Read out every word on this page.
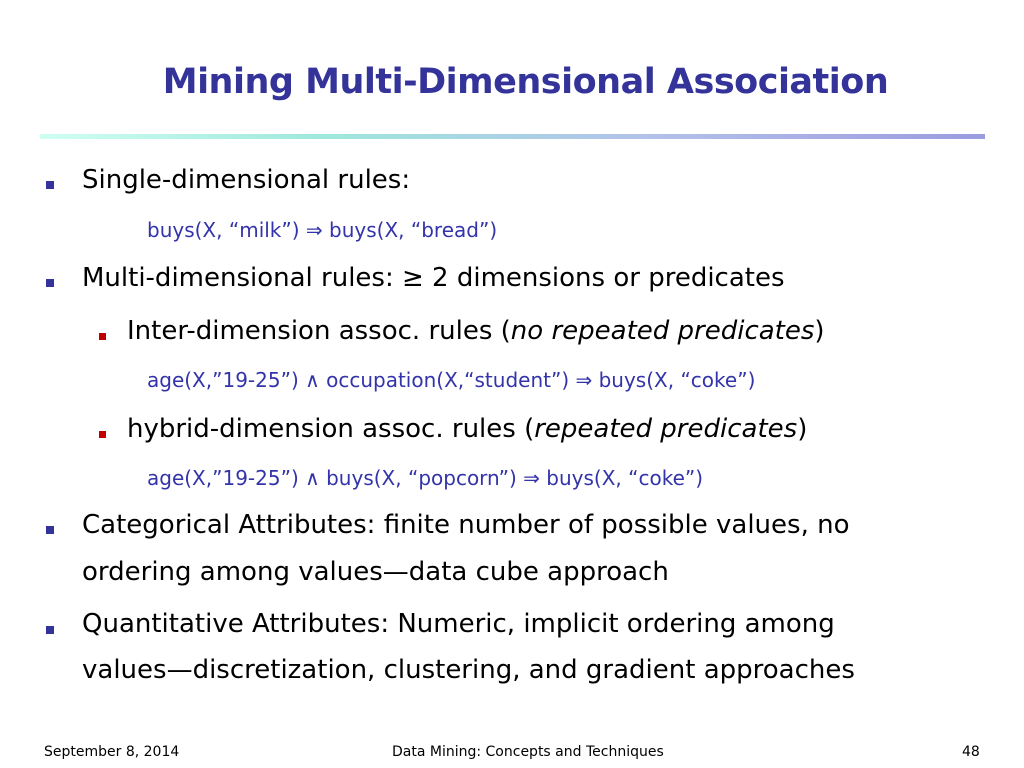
Mining Multi-Dimensional Association
Single-dimensional rules:
buys(X, “milk”) ⇒ buys(X, “bread”)
Multi-dimensional rules: ≥ 2 dimensions or predicates
Inter-dimension assoc. rules (no repeated predicates)
age(X,”19-25”) ∧ occupation(X,“student”) ⇒ buys(X, “coke”)
hybrid-dimension assoc. rules (repeated predicates)
age(X,”19-25”) ∧ buys(X, “popcorn”) ⇒ buys(X, “coke”)
Categorical Attributes: finite number of possible values, no
ordering among values—data cube approach
Quantitative Attributes: Numeric, implicit ordering among
values—discretization, clustering, and gradient approaches
September 8, 2014	Data Mining: Concepts and Techniques	48
